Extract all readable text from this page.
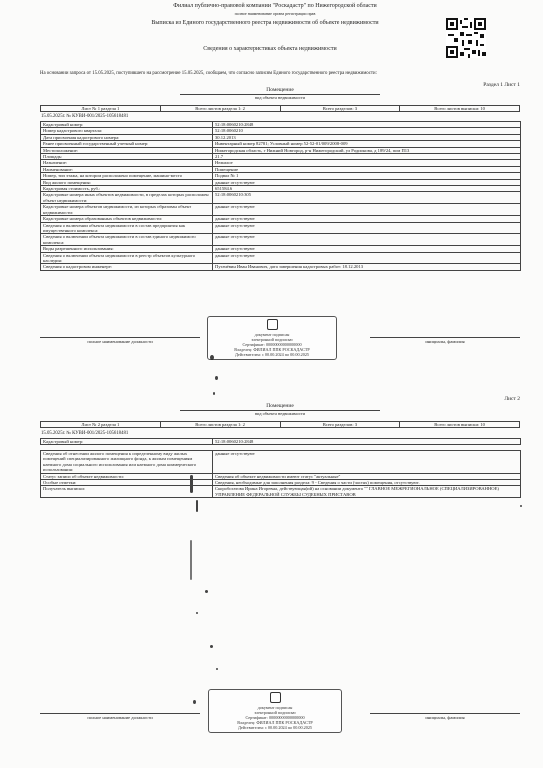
Филиал публично-правовой компании "Роскадастр" по Нижегородской области
полное наименование органа регистрации прав
Выписка из Единого государственного реестра недвижимости об объекте недвижимости
Сведения о характеристиках объекта недвижимости
На основании запроса от 15.05.2025, поступившего на рассмотрение 15.05.2025, сообщаем, что согласно записям Единого государственного реестра недвижимости:
Раздел 1 Лист 1
Помещение
вид объекта недвижимости
Лист № 1 раздела 1	Всего листов раздела 1: 2	Всего разделов: 3	Всего листов выписки: 10
15.05.2025г. № КУВИ-001/2025-105618481
Кадастровый номер:	52:18:0060210:2848
Номер кадастрового квартала:	52:18:0060210
Дата присвоения кадастрового номера:	30.12.2013
Ранее присвоенный государственный учетный номер:	Инвентарный номер 82781; Условный номер 52-52-01/009/2008-009
Местоположение:	Нижегородская область, г Нижний Новгород, р-н Нижегородский, ул Родионова, д 189/24, пом П13
Площадь:	21.7
Назначение:	Нежилое
Наименование:	Помещение
Номер, тип этажа, на котором расположено помещение, машино-место	Подвал № 1
Вид жилого помещения:	данные отсутствуют
Кадастровая стоимость, руб.:	651584.6
Кадастровые номера иных объектов недвижимости, в пределах которых расположен объект недвижимости:	52:18:0060210:305
Кадастровые номера объектов недвижимости, из которых образован объект недвижимости:	данные отсутствуют
Кадастровые номера образованных объектов недвижимости:	данные отсутствуют
Сведения о включении объекта недвижимости в состав предприятия как имущественного комплекса:	данные отсутствуют
Сведения о включении объекта недвижимости в состав единого недвижимого комплекса:	данные отсутствуют
Виды разрешенного использования:	данные отсутствуют
Сведения о включении объекта недвижимости в реестр объектов культурного наследия:	данные отсутствуют
Сведения о кадастровом инженере:	Пугачёвин Иван Иванович, дата завершения кадастровых работ: 18.12.2013
документ подписан
электронной подписью
Сертификат: 00000000000000000
Владелец: ФИЛИАЛ ППК РОСКАДАСТР
Действителен: с 00.00.2024 по 00.00.2025
полное наименование должности	инициалы, фамилия
Лист 2
Помещение
вид объекта недвижимости
Лист № 2 раздела 1	Всего листов раздела 1: 2	Всего разделов: 3	Всего листов выписки: 10
15.05.2025г. № КУВИ-001/2025-105618481
Кадастровый номер:	52:18:0060210:2848
Сведения об отнесении жилого помещения к определенному виду жилых помещений специализированного жилищного фонда, к жилым помещениям наемного дома социального использования или наемного дома коммерческого использования:	данные отсутствуют
Статус записи об объекте недвижимости:	Сведения об объекте недвижимости имеют статус "актуальные"
Особые отметки:	Сведения, необходимые для заполнения раздела: 9 - Сведения о части (частях) помещения, отсутствуют.
Получатель выписки:	Скоробогатова Ирина Игоревна, действующая(ий) на основании документа "" ГЛАВНОЕ МЕЖРЕГИОНАЛЬНОЕ (СПЕЦИАЛИЗИРОВАННОЕ) УПРАВЛЕНИЕ ФЕДЕРАЛЬНОЙ СЛУЖБЫ СУДЕБНЫХ ПРИСТАВОВ
документ подписан
электронной подписью
Сертификат: 00000000000000000
Владелец: ФИЛИАЛ ППК РОСКАДАСТР
Действителен: с 00.00.2024 по 00.00.2025
полное наименование должности	инициалы, фамилия
